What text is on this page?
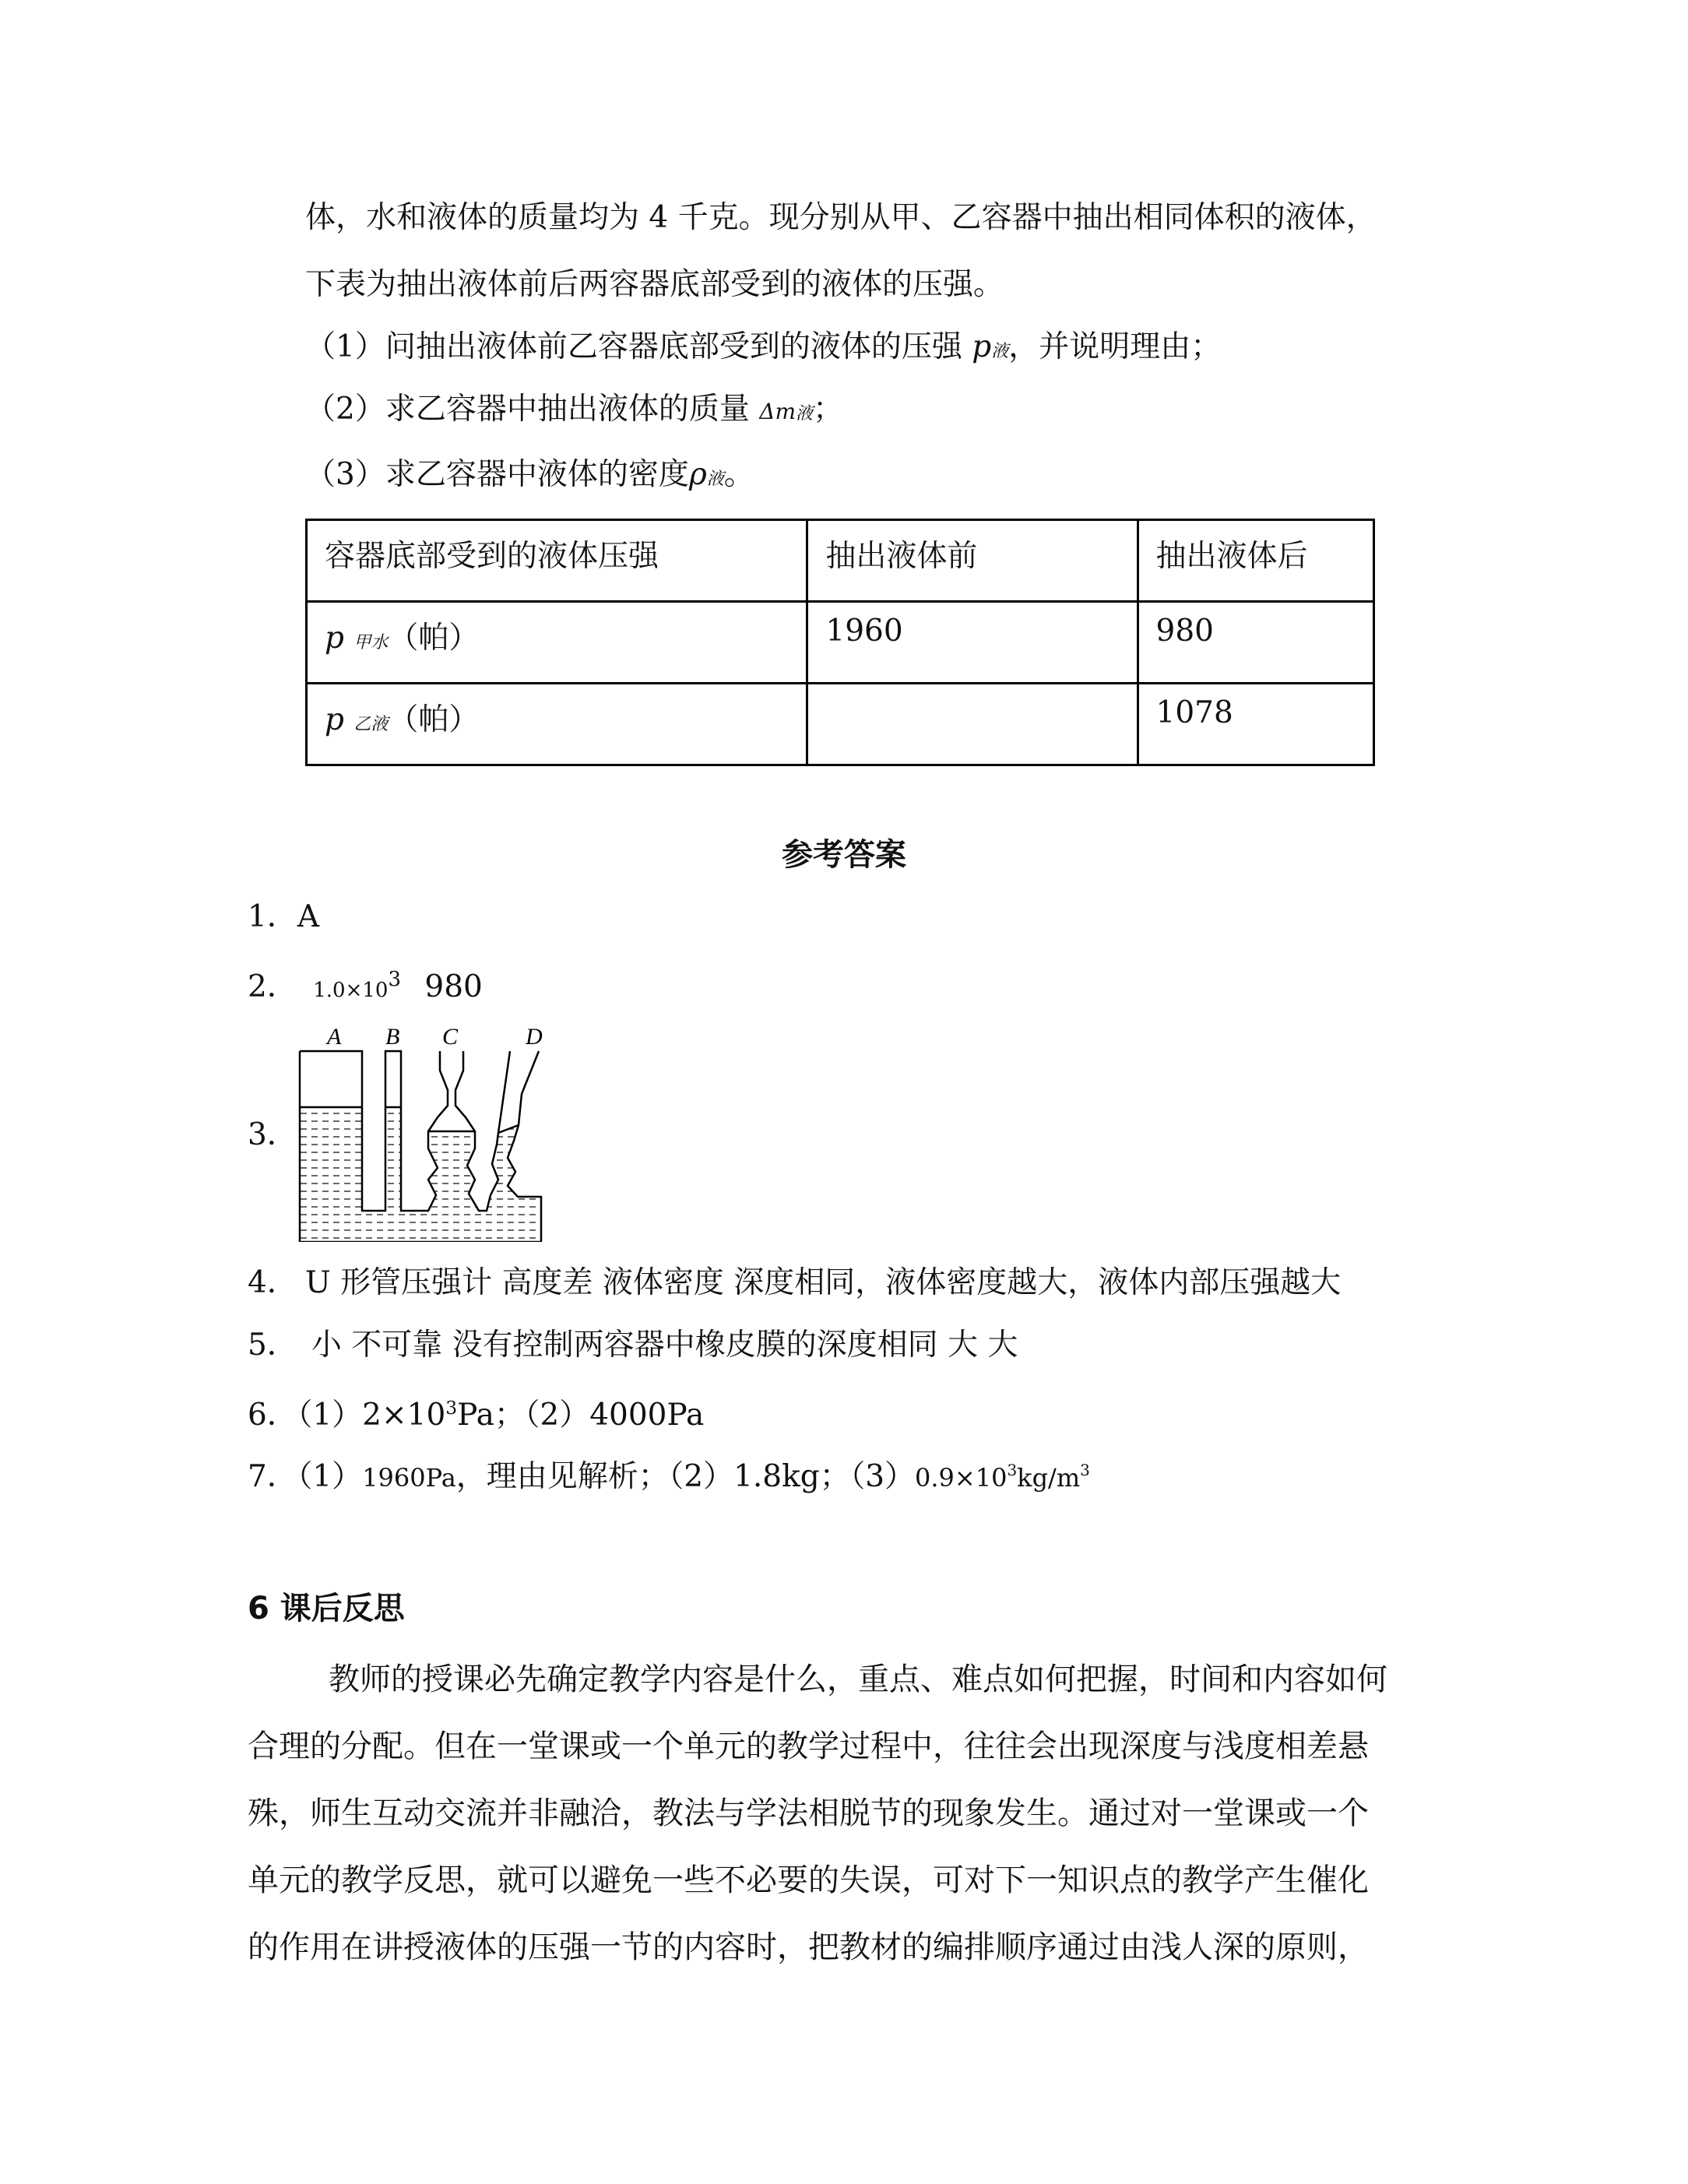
体，水和液体的质量均为 4 千克。现分别从甲、乙容器中抽出相同体积的液体，
下表为抽出液体前后两容器底部受到的液体的压强。
（1）问抽出液体前乙容器底部受到的液体的压强 p液，并说明理由；
（2）求乙容器中抽出液体的质量 Δm液；
（3）求乙容器中液体的密度ρ液。
容器底部受到的液体压强	抽出液体前	抽出液体后
p 甲水（帕）	1960	980
p 乙液（帕）		1078
参考答案
1．A
2． $1.0\times 10^3$ 980
3．
A B C	D
4． U 形管压强计 高度差 液体密度 深度相同，液体密度越大，液体内部压强越大
5． 小 不可靠 没有控制两容器中橡皮膜的深度相同 大 大
6．$(1)2\times 10^3Pa$；（2）4000Pa
7．（1）1960Pa，理由见解析；（2）1.8kg；$(3)0.9\times 10^3kg/m^3$
6 课后反思
教师的授课必先确定教学内容是什么，重点、难点如何把握，时间和内容如何
合理的分配。但在一堂课或一个单元的教学过程中，往往会出现深度与浅度相差悬
殊，师生互动交流并非融洽，教法与学法相脱节的现象发生。通过对一堂课或一个
单元的教学反思，就可以避免一些不必要的失误，可对下一知识点的教学产生催化
的作用在讲授液体的压强一节的内容时，把教材的编排顺序通过由浅人深的原则，
